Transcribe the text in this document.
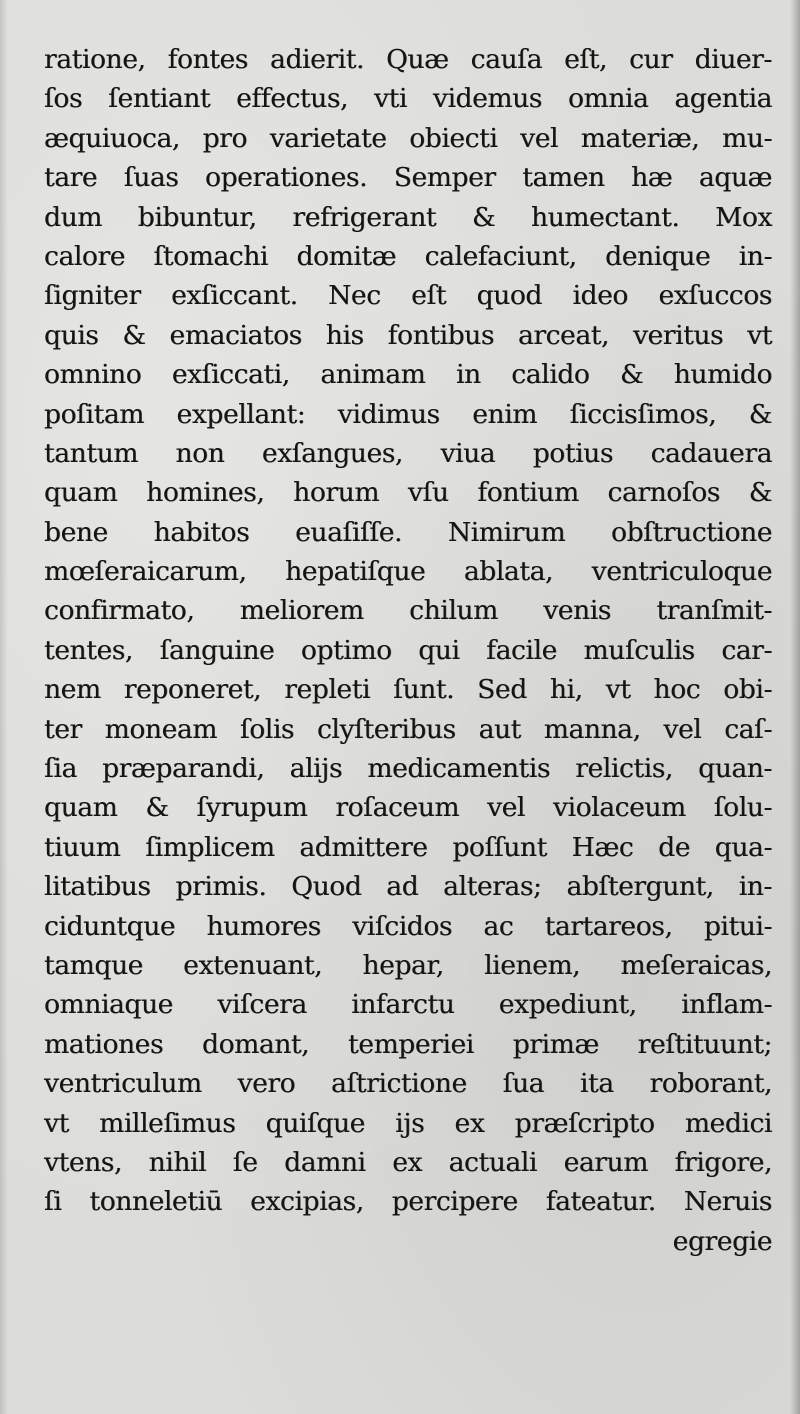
ratione, fontes adierit. Quæ cauſa eſt, cur diuer-
ſos ſentiant effectus, vti videmus omnia agentia
æquiuoca, pro varietate obiecti vel materiæ, mu-
tare ſuas operationes. Semper tamen hæ aquæ
dum bibuntur, refrigerant & humectant. Mox
calore ſtomachi domitæ calefaciunt, denique in-
ſigniter exſiccant. Nec eſt quod ideo exſuccos
quis & emaciatos his fontibus arceat, veritus vt
omnino exſiccati, animam in calido & humido
poſitam expellant: vidimus enim ſiccisſimos, &
tantum non exſangues, viua potius cadauera
quam homines, horum vſu fontium carnoſos &
bene habitos euaſiſſe. Nimirum obſtructione
mœſeraicarum, hepatiſque ablata, ventriculoque
confirmato, meliorem chilum venis tranſmit-
tentes, ſanguine optimo qui facile muſculis car-
nem reponeret, repleti ſunt. Sed hi, vt hoc obi-
ter moneam ſolis clyſteribus aut manna, vel caſ-
ſia præparandi, alijs medicamentis relictis, quan-
quam & ſyrupum roſaceum vel violaceum ſolu-
tiuum ſimplicem admittere poſſunt Hæc de qua-
litatibus primis. Quod ad alteras; abſtergunt, in-
ciduntque humores viſcidos ac tartareos, pitui-
tamque extenuant, hepar, lienem, meſeraicas,
omniaque viſcera infarctu expediunt, inflam-
mationes domant, temperiei primæ reſtituunt;
ventriculum vero aſtrictione ſua ita roborant,
vt milleſimus quiſque ijs ex præſcripto medici
vtens, nihil ſe damni ex actuali earum frigore,
ſi tonneletiū excipias, percipere fateatur. Neruis
egregie
